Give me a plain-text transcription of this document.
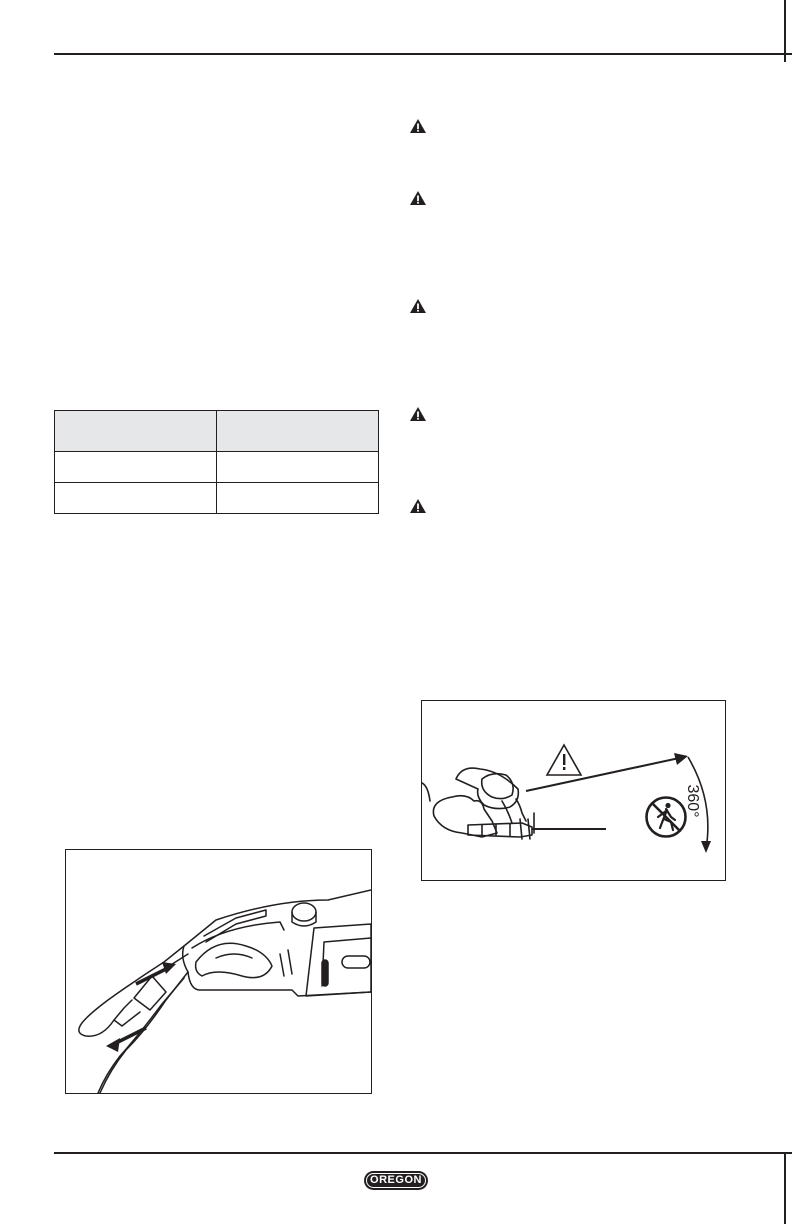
360°
OREGON
